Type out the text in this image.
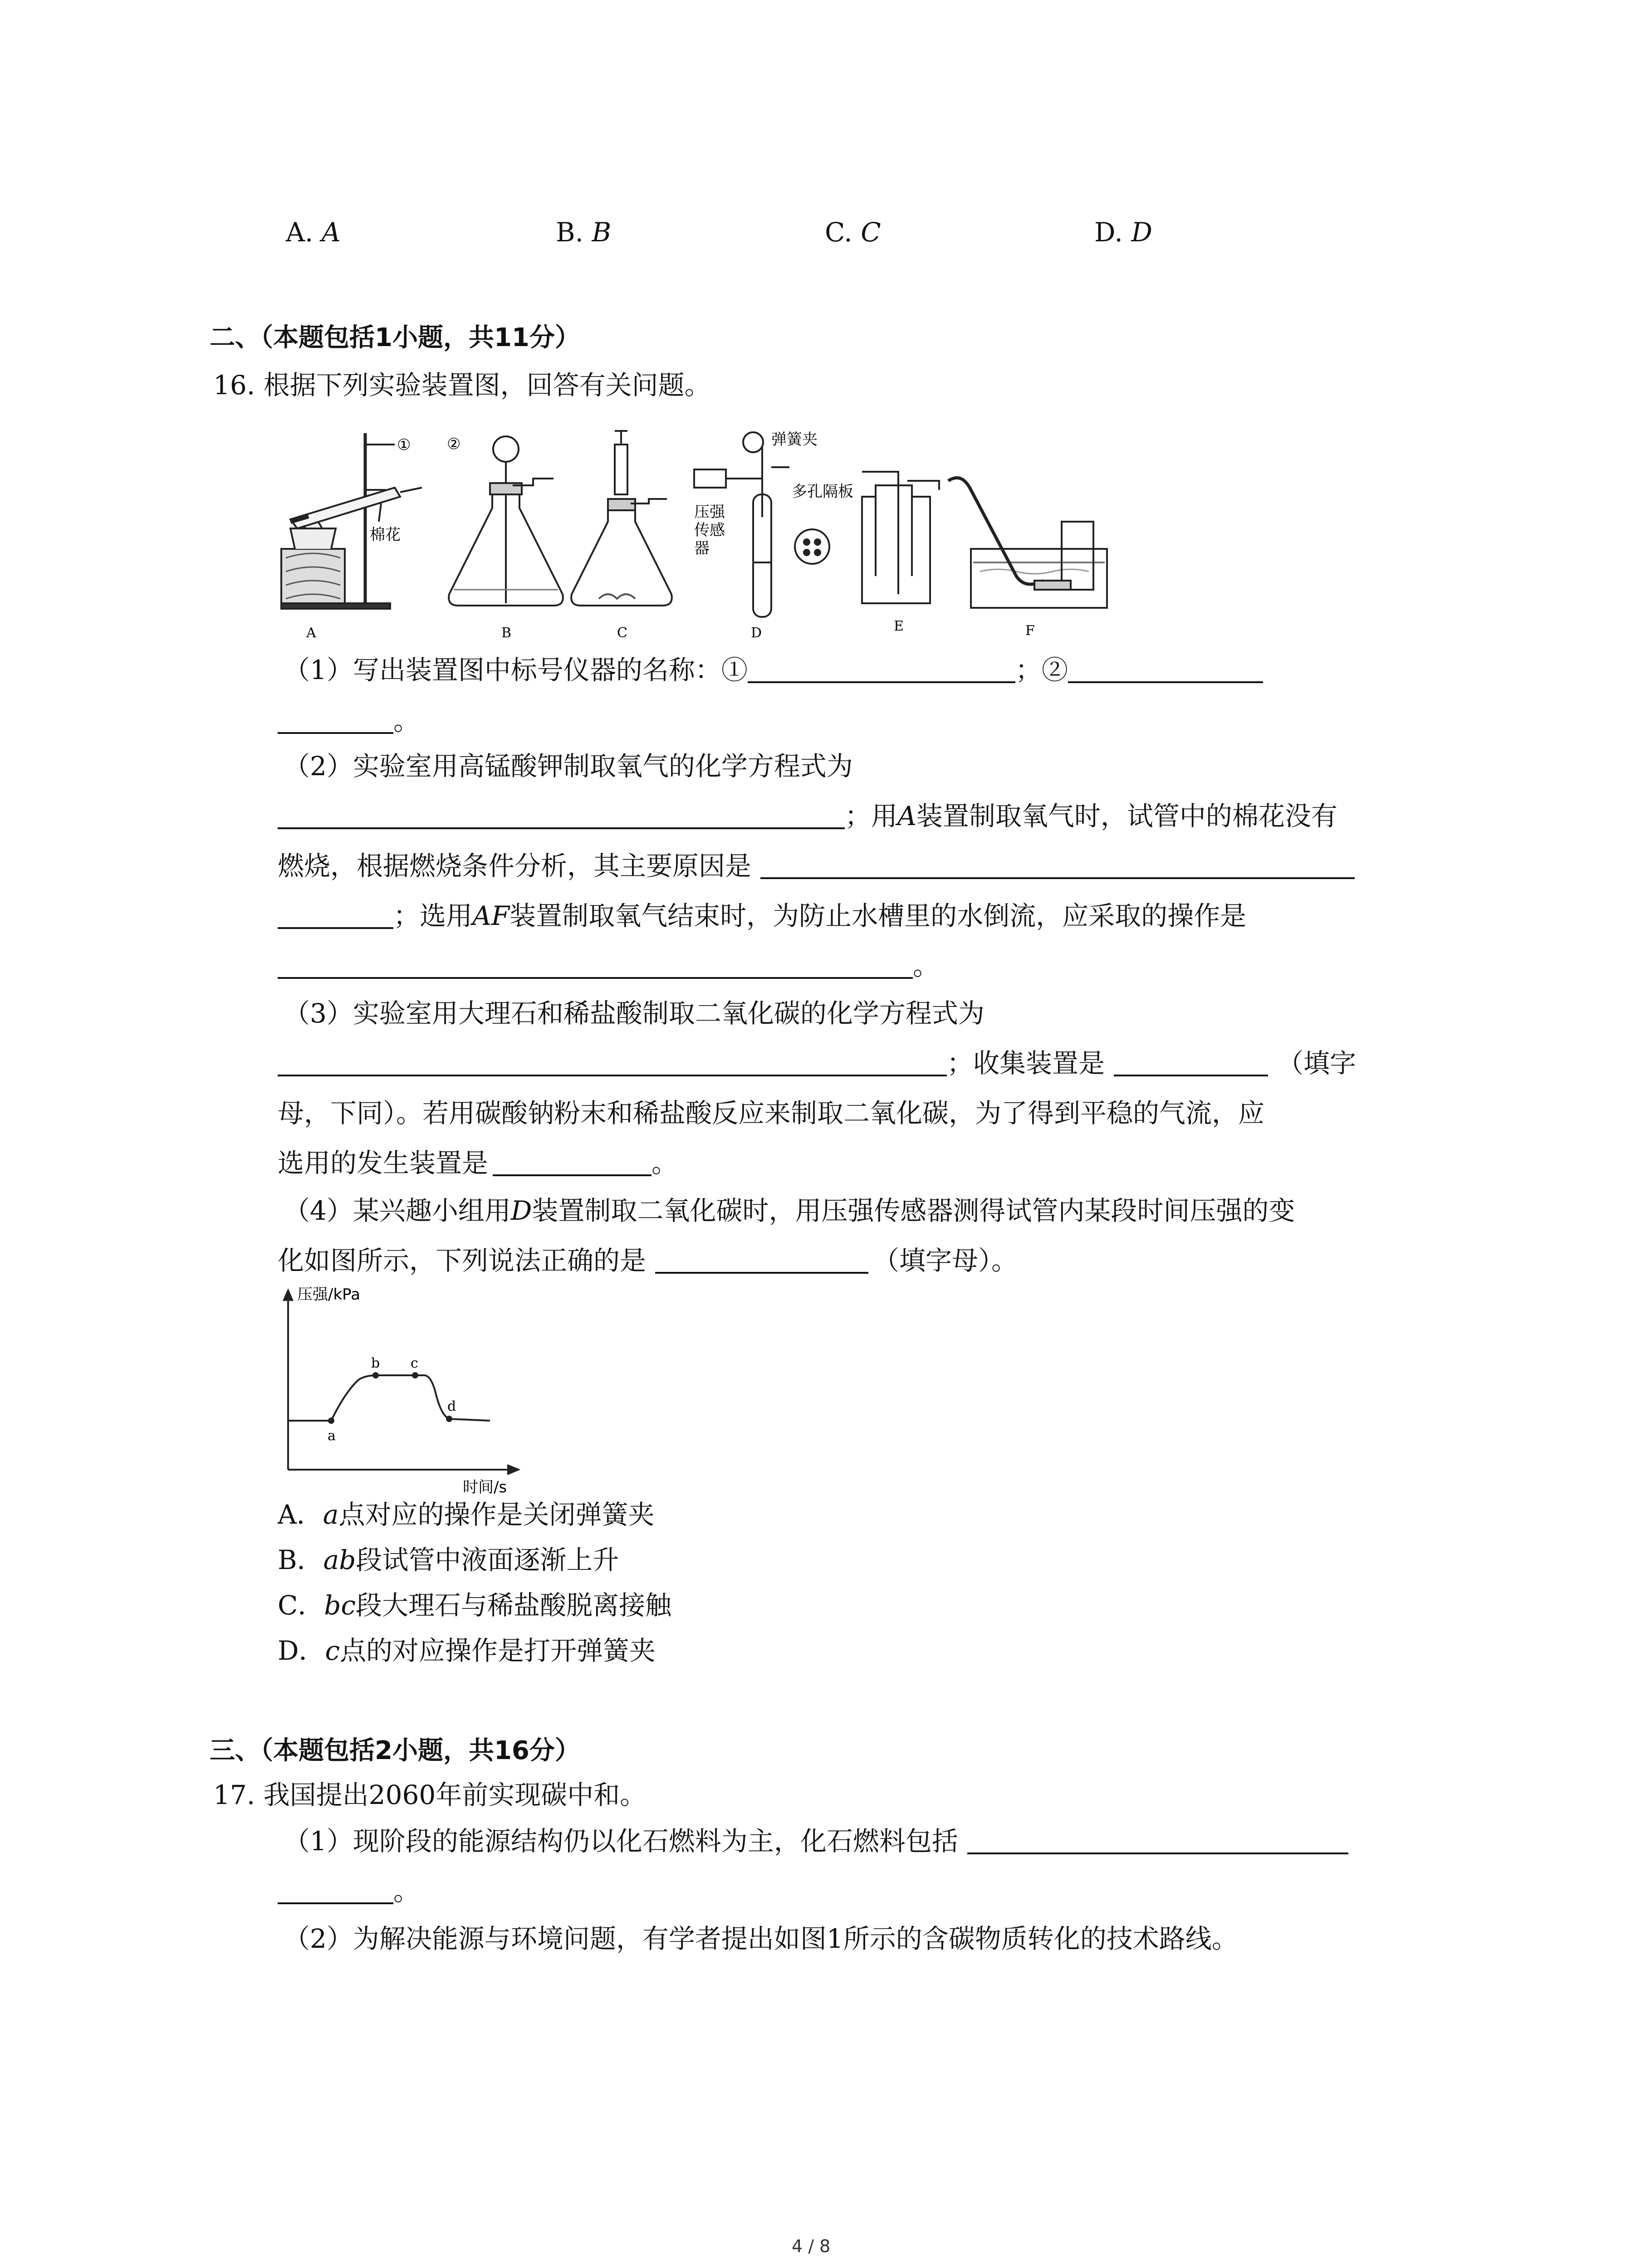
A. A	B. B	C. C	D. D
二、（本题包括1小题，共11分）
16. 根据下列实验装置图，回答有关问题。
A	B	C	D	E	F
① ②
棉花
弹簧夹
多孔隔板
压强
传感
器
（1）写出装置图中标号仪器的名称：①	；②
。
（2）实验室用高锰酸钾制取氧气的化学方程式为
；用A装置制取氧气时，试管中的棉花没有
燃烧，根据燃烧条件分析，其主要原因是
；选用AF装置制取氧气结束时，为防止水槽里的水倒流，应采取的操作是
。
（3）实验室用大理石和稀盐酸制取二氧化碳的化学方程式为
；收集装置是	（填字
母，下同）。若用碳酸钠粉末和稀盐酸反应来制取二氧化碳，为了得到平稳的气流，应
选用的发生装置是	。
（4）某兴趣小组用D装置制取二氧化碳时，用压强传感器测得试管内某段时间压强的变
化如图所示，下列说法正确的是	（填字母）。
压强/kPa
时间/s
a
b c
d
A．a点对应的操作是关闭弹簧夹
B．ab段试管中液面逐渐上升
C．bc段大理石与稀盐酸脱离接触
D．c点的对应操作是打开弹簧夹
三、（本题包括2小题，共16分）
17. 我国提出2060年前实现碳中和。
（1）现阶段的能源结构仍以化石燃料为主，化石燃料包括
。
（2）为解决能源与环境问题，有学者提出如图1所示的含碳物质转化的技术路线。
4 / 8
